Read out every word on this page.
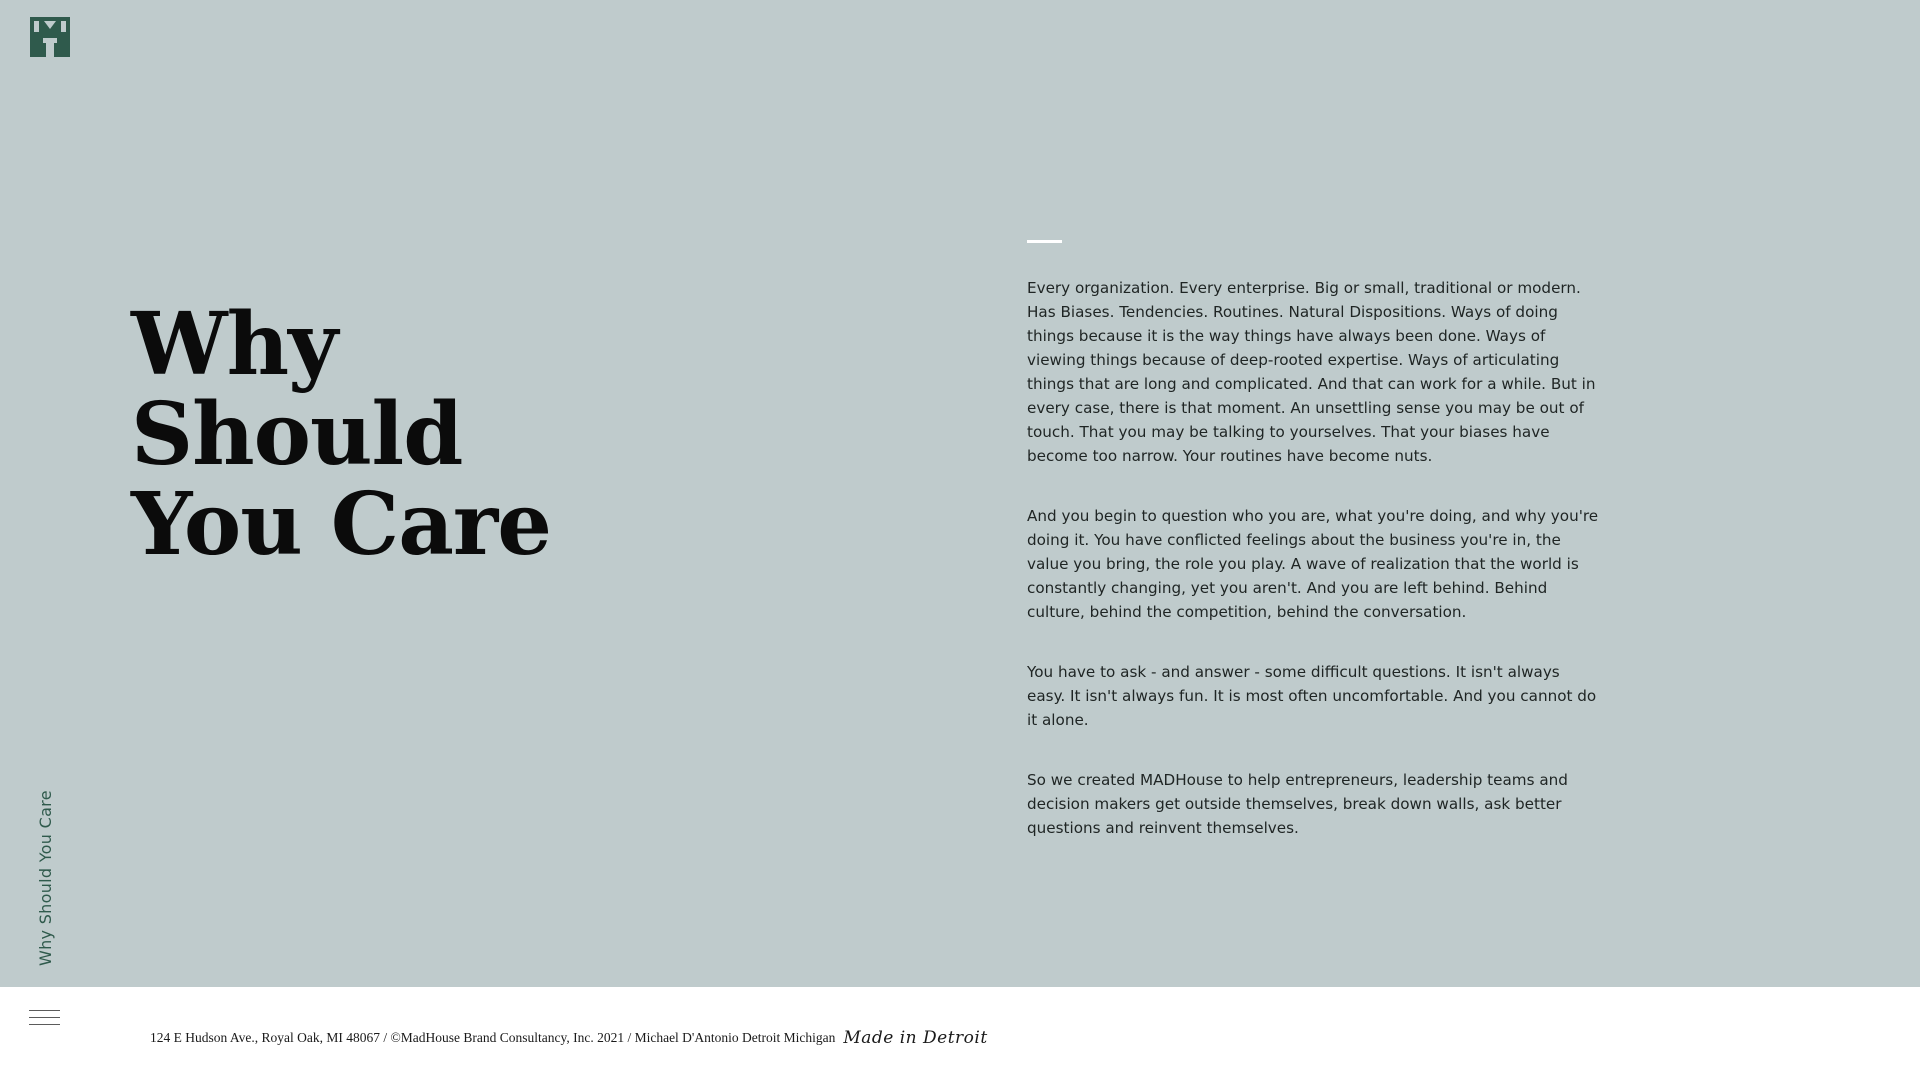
Why Should You Care
Why
Should
You Care

Every organization. Every enterprise. Big or small, traditional or modern. Has Biases. Tendencies. Routines. Natural Dispositions. Ways of doing things because it is the way things have always been done. Ways of viewing things because of deep-rooted expertise. Ways of articulating things that are long and complicated. And that can work for a while. But in every case, there is that moment. An unsettling sense you may be out of touch. That you may be talking to yourselves. That your biases have become too narrow. Your routines have become nuts.

And you begin to question who you are, what you're doing, and why you're doing it. You have conflicted feelings about the business you're in, the value you bring, the role you play. A wave of realization that the world is constantly changing, yet you aren't. And you are left behind. Behind culture, behind the competition, behind the conversation.

You have to ask - and answer - some difficult questions. It isn't always easy. It isn't always fun. It is most often uncomfortable. And you cannot do it alone.

So we created MADHouse to help entrepreneurs, leadership teams and decision makers get outside themselves, break down walls, ask better questions and reinvent themselves.

124 E Hudson Ave., Royal Oak, MI 48067 / ©MadHouse Brand Consultancy, Inc. 2021 / Michael D'Antonio Detroit Michigan Made in Detroit
